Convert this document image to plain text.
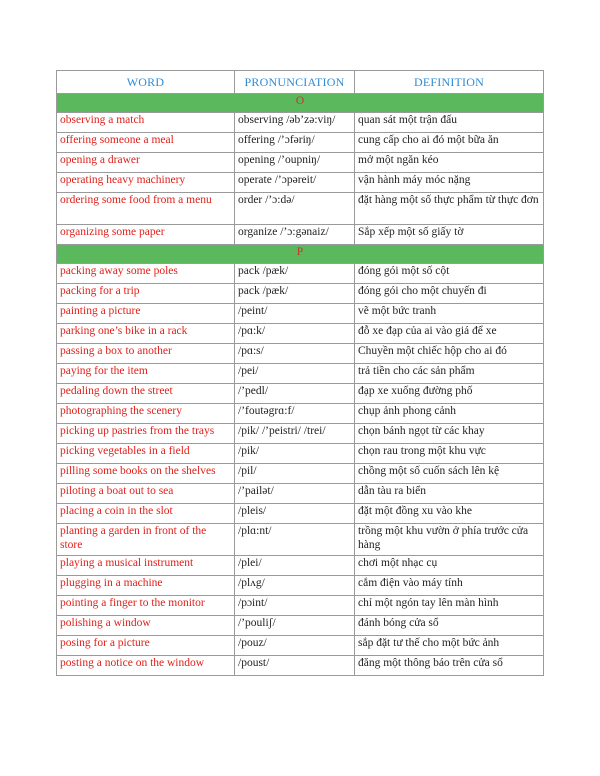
WORD	PRONUNCIATION	DEFINITION
O		
observing a match	observing /əb’zə:viŋ/	quan sát một trận đấu
offering someone a meal	offering /’ɔfəriŋ/	cung cấp cho ai đó một bữa ăn
opening a drawer	opening /’oupniŋ/	mở một ngăn kéo
operating heavy machinery	operate /’ɔpəreit/	vận hành máy móc nặng
ordering some food from a menu	order /’ɔ:də/	đặt hàng một số thực phẩm từ thực đơn
organizing some paper	organize /’ɔ:gənaiz/	Sắp xếp một số giấy tờ
P		
packing away some poles	pack /pæk/	đóng gói một số cột
packing for a trip	pack /pæk/	đóng gói cho một chuyến đi
painting a picture	/peint/	vẽ một bức tranh
parking one’s bike in a rack	/pɑ:k/	đỗ xe đạp của ai vào giá để xe
passing a box to another	/pɑ:s/	Chuyền một chiếc hộp cho ai đó
paying for the item	/pei/	trả tiền cho các sản phẩm
pedaling down the street	/’pedl/	đạp xe xuống đường phố
photographing the scenery	/’foutəgrɑ:f/	chụp ảnh phong cảnh
picking up pastries from the trays	/pik/ /’peistri/ /trei/	chọn bánh ngọt từ các khay
picking vegetables in a field	/pik/	chọn rau trong một khu vực
pilling some books on the shelves	/pil/	chồng một số cuốn sách lên kệ
piloting a boat out to sea	/’pailət/	dẫn tàu ra biển
placing a coin in the slot	/pleis/	đặt một đồng xu vào khe
planting a garden in front of the store	/plɑ:nt/	trồng một khu vườn ở phía trước cửa hàng
playing a musical instrument	/plei/	chơi một nhạc cụ
plugging in a machine	/plʌg/	cắm điện vào máy tính
pointing a finger to the monitor	/pɔint/	chỉ một ngón tay lên màn hình
polishing a window	/’pouliʃ/	đánh bóng cửa sổ
posing for a picture	/pouz/	sắp đặt tư thế cho một bức ảnh
posting a notice on the window	/poust/	đăng một thông báo trên cửa sổ
